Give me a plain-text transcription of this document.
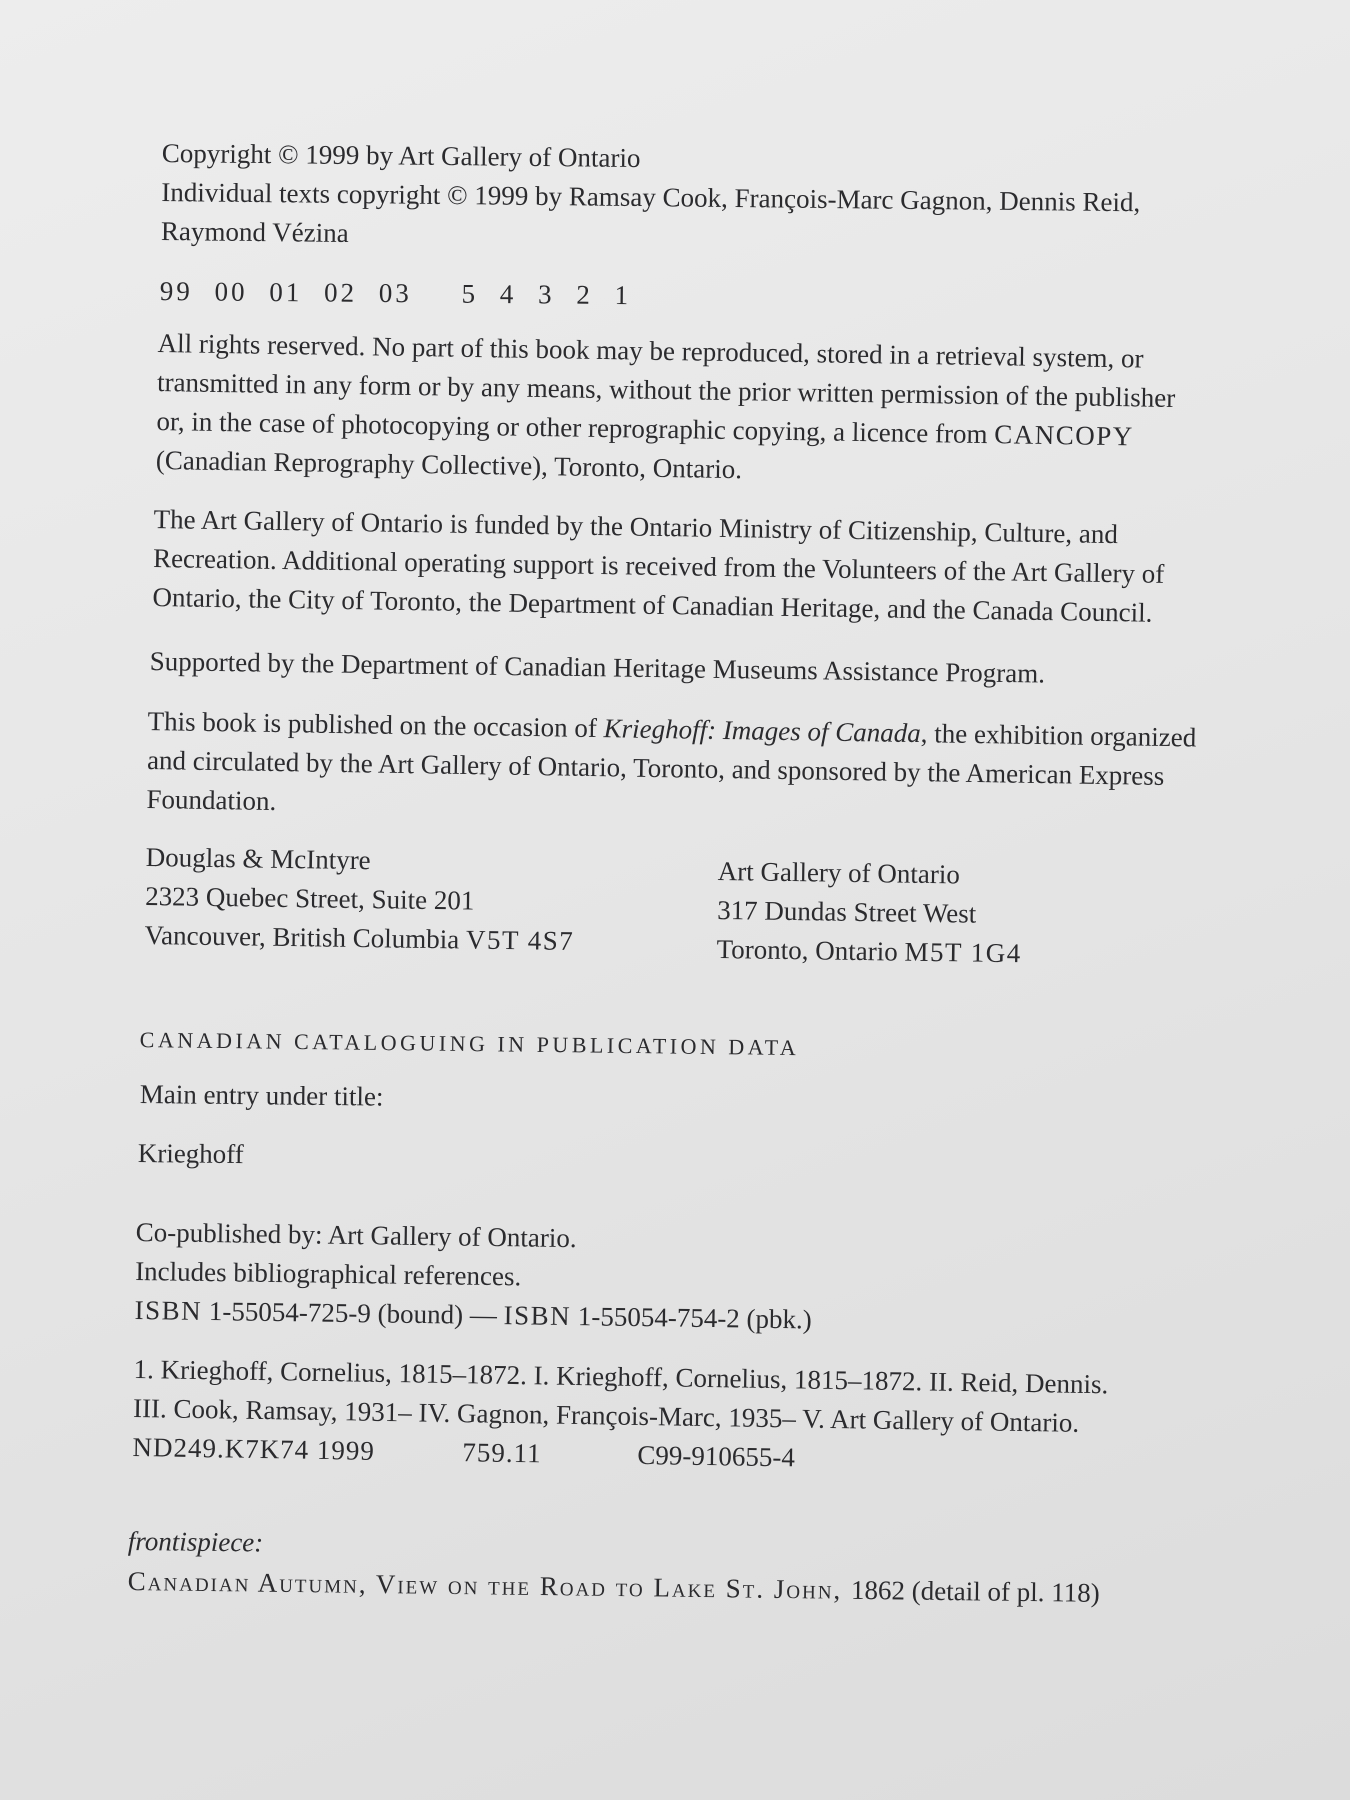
Copyright © 1999 by Art Gallery of Ontario

Individual texts copyright © 1999 by Ramsay Cook, François-Marc Gagnon, Dennis Reid,

Raymond Vézina

99 00 01 02 03 5 4 3 2 1

All rights reserved. No part of this book may be reproduced, stored in a retrieval system, or

transmitted in any form or by any means, without the prior written permission of the publisher

or, in the case of photocopying or other reprographic copying, a licence from CANCOPY

(Canadian Reprography Collective), Toronto, Ontario.

The Art Gallery of Ontario is funded by the Ontario Ministry of Citizenship, Culture, and

Recreation. Additional operating support is received from the Volunteers of the Art Gallery of

Ontario, the City of Toronto, the Department of Canadian Heritage, and the Canada Council.

Supported by the Department of Canadian Heritage Museums Assistance Program.

This book is published on the occasion of Krieghoff: Images of Canada, the exhibition organized

and circulated by the Art Gallery of Ontario, Toronto, and sponsored by the American Express

Foundation.

Douglas & McIntyre

2323 Quebec Street, Suite 201

Vancouver, British Columbia V5T 4S7

Art Gallery of Ontario

317 Dundas Street West

Toronto, Ontario M5T 1G4

CANADIAN CATALOGUING IN PUBLICATION DATA
Main entry under title:
Krieghoff

Co-published by: Art Gallery of Ontario.

Includes bibliographical references.

ISBN 1-55054-725-9 (bound) — ISBN 1-55054-754-2 (pbk.)

1. Krieghoff, Cornelius, 1815–1872. I. Krieghoff, Cornelius, 1815–1872. II. Reid, Dennis.

III. Cook, Ramsay, 1931– IV. Gagnon, François-Marc, 1935– V. Art Gallery of Ontario.

ND249.K7K74 1999	759.11	C99-910655-4

frontispiece:
Canadian Autumn, View on the Road to Lake St. John, 1862 (detail of pl. 118)
